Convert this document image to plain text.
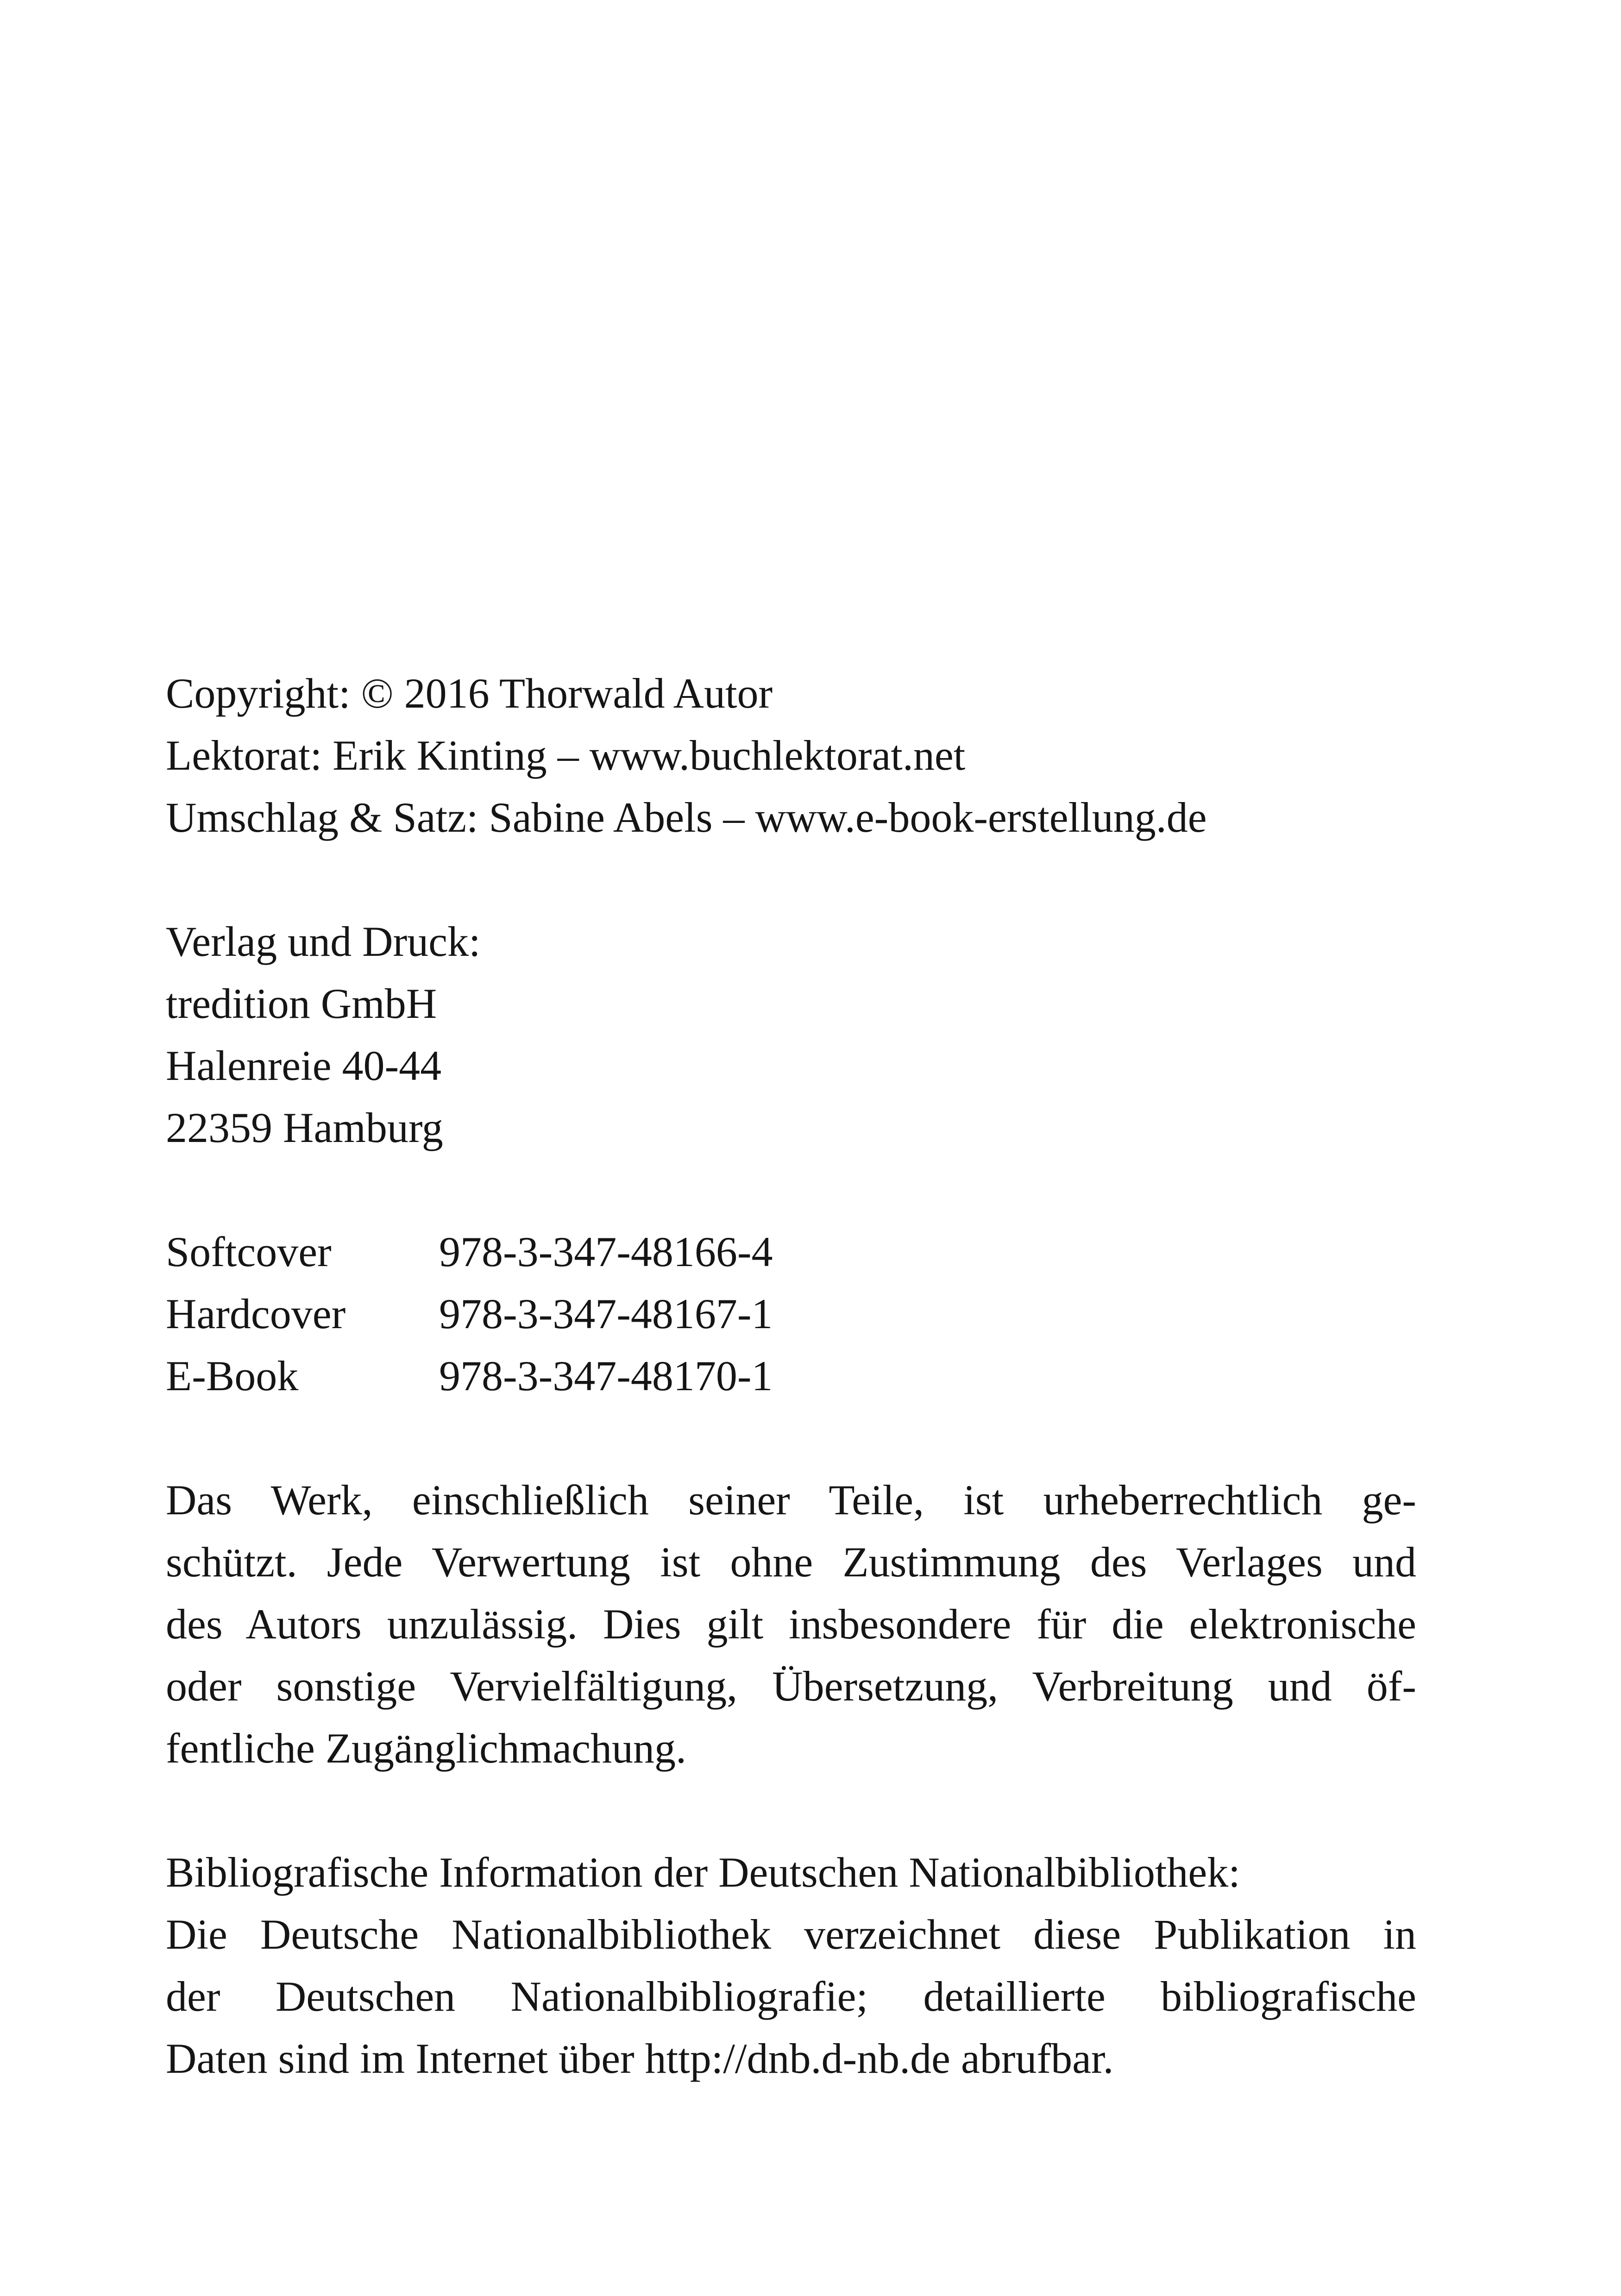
Copyright: © 2016 Thorwald Autor
Lektorat: Erik Kinting – www.buchlektorat.net
Umschlag & Satz: Sabine Abels – www.e-book-erstellung.de
Verlag und Druck:
tredition GmbH
Halenreie 40-44
22359 Hamburg
Softcover	978-3-347-48166-4
Hardcover	978-3-347-48167-1
E-Book	978-3-347-48170-1
Das Werk, einschließlich seiner Teile, ist urheberrechtlich ge-
schützt. Jede Verwertung ist ohne Zustimmung des Verlages und
des Autors unzulässig. Dies gilt insbesondere für die elektronische
oder sonstige Vervielfältigung, Übersetzung, Verbreitung und öf-
fentliche Zugänglichmachung.
Bibliografische Information der Deutschen Nationalbibliothek:
Die Deutsche Nationalbibliothek verzeichnet diese Publikation in
der Deutschen Nationalbibliografie; detaillierte bibliografische
Daten sind im Internet über http://dnb.d-nb.de abrufbar.
